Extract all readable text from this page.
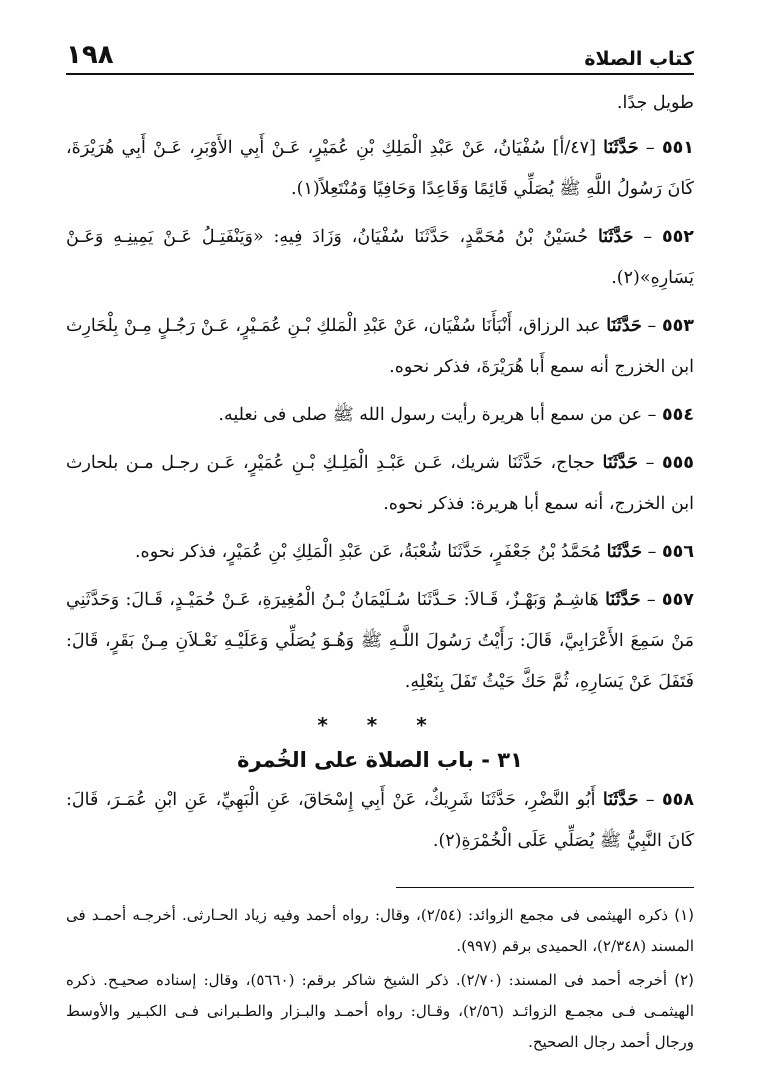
كتاب الصلاة
١٩٨

طويل جدًا.

٥٥١ – حَدَّثَنَا [٤٧/أ] سُفْيَانُ، عَنْ عَبْدِ الْمَلِكِ بْنِ عُمَيْرٍ، عَـنْ أَبِي الأَوْبَرِ، عَـنْ أَبِي هُرَيْرَةَ، كَانَ رَسُولُ اللَّهِ ﷺ يُصَلِّي قَائِمًا وَقَاعِدًا وَحَافِيًا وَمُنْتَعِلاً(١).

٥٥٢ – حَدَّثَنَا حُسَيْنُ بْنُ مُحَمَّدٍ، حَدَّثَنَا سُفْيَانُ، وَزَادَ فِيهِ: «وَيَنْفَتِـلُ عَـنْ يَمِينِـهِ وَعَـنْ يَسَارِهِ»(٢).

٥٥٣ – حَدَّثَنَا عبد الرزاق، أَنْبَأَنَا سُفْيَان، عَنْ عَبْدِ الْمَلكِ بْـنِ عُمَـيْرٍ، عَـنْ رَجُـلٍ مِـنْ بِلْحَارِث ابن الخزرج أنه سمع أَبا هُرَيْرَةَ، فذكر نحوه.

٥٥٤ – عن من سمع أبا هريرة رأيت رسول الله ﷺ صلى فى نعليه.

٥٥٥ – حَدَّثَنَا حجاج، حَدَّثَنَا شريك، عَـن عَبْـدِ الْمَلِـكِ بْـنِ عُمَيْرٍ، عَـن رجـل مـن بلحارث ابن الخزرج، أنه سمع أبا هريرة: فذكر نحوه.

٥٥٦ – حَدَّثَنَا مُحَمَّدُ بْنُ جَعْفَرٍ، حَدَّثَنَا شُعْبَةُ، عَن عَبْدِ الْمَلِكِ بْنِ عُمَيْرٍ، فذكر نحوه.

٥٥٧ – حَدَّثَنَا هَاشِـمٌ وَبَهْـزٌ، قَـالاَ: حَـدَّثَنَا سُـلَيْمَانُ بْـنُ الْمُغِيرَةِ، عَـنْ حُمَيْـدٍ، قَـالَ: وَحَدَّثَنِي مَنْ سَمِعَ الأَعْرَابِيَّ، قَالَ: رَأَيْتُ رَسُولَ اللَّـهِ ﷺ وَهُـوَ يُصَلِّي وَعَلَيْـهِ نَعْـلاَنِ مِـنْ بَقَرٍ، قَالَ: فَتَفَلَ عَنْ يَسَارِهِ، ثُمَّ حَكَّ حَيْثُ تَفَلَ بِنَعْلِهِ.

* * *
٣١ - باب الصلاة على الخُمرة

٥٥٨ – حَدَّثَنَا أَبُو النَّضْرِ، حَدَّثَنَا شَرِيكٌ، عَنْ أَبِي إِسْحَاقَ، عَنِ الْبَهِيِّ، عَنِ ابْنِ عُمَـرَ، قَالَ: كَانَ النَّبِيُّ ﷺ يُصَلِّي عَلَى الْخُمْرَةِ(٢).

(١) ذكره الهيثمى فى مجمع الزوائد: (٢/٥٤)، وقال: رواه أحمد وفيه زياد الحـارثى. أخرجـه أحمـد فى المسند (٢/٣٤٨)، الحميدى برقم (٩٩٧).

(٢) أخرجه أحمد فى المسند: (٢/٧٠). ذكر الشيخ شاكر برقم: (٥٦٦٠)، وقال: إسناده صحيـح. ذكره الهيثمـى فـى مجمـع الزوائـد (٢/٥٦)، وقـال: رواه أحمـد والبـزار والطـبرانى فـى الكبـير والأوسط ورجال أحمد رجال الصحيح.
